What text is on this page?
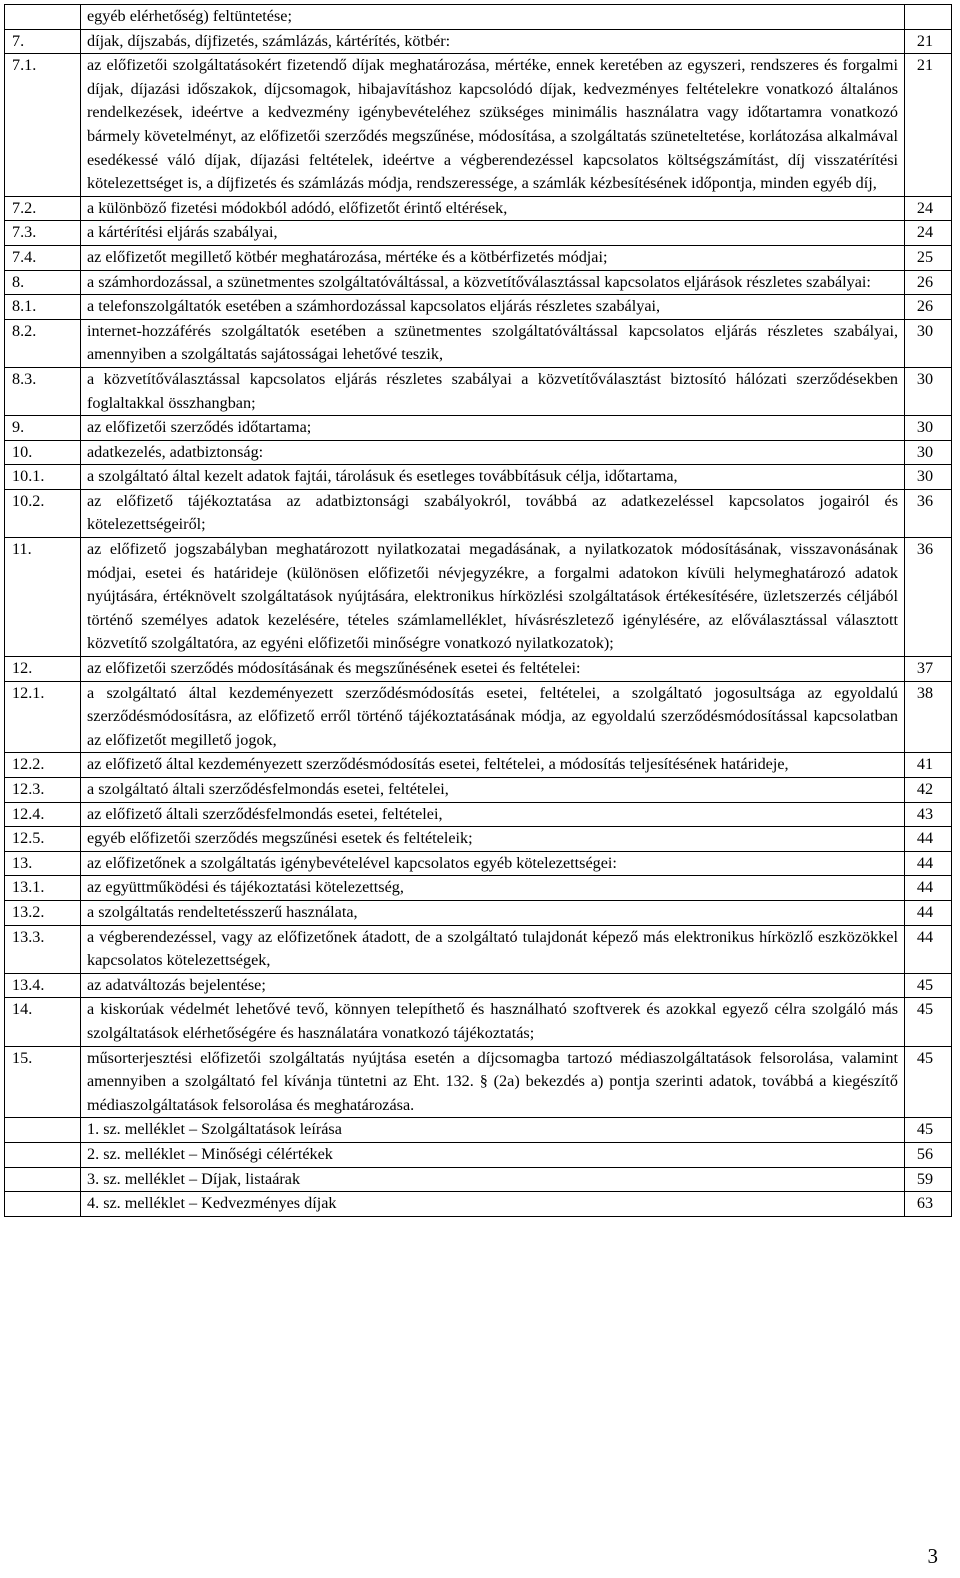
	egyéb elérhetőség) feltüntetése;	
7.	díjak, díjszabás, díjfizetés, számlázás, kártérítés, kötbér:	21
7.1.	az előfizetői szolgáltatásokért fizetendő díjak meghatározása, mértéke, ennek keretében az egyszeri, rendszeres és forgalmi díjak, díjazási időszakok, díjcsomagok, hibajavításhoz kapcsolódó díjak, kedvezményes feltételekre vonatkozó általános rendelkezések, ideértve a kedvezmény igénybevételéhez szükséges minimális használatra vagy időtartamra vonatkozó bármely követelményt, az előfizetői szerződés megszűnése, módosítása, a szolgáltatás szüneteltetése, korlátozása alkalmával esedékessé váló díjak, díjazási feltételek, ideértve a végberendezéssel kapcsolatos költségszámítást, díj visszatérítési kötelezettséget is, a díjfizetés és számlázás módja, rendszeressége, a számlák kézbesítésének időpontja, minden egyéb díj,	21
7.2.	a különböző fizetési módokból adódó, előfizetőt érintő eltérések,	24
7.3.	a kártérítési eljárás szabályai,	24
7.4.	az előfizetőt megillető kötbér meghatározása, mértéke és a kötbérfizetés módjai;	25
8.	a számhordozással, a szünetmentes szolgáltatóváltással, a közvetítőválasztással kapcsolatos eljárások részletes szabályai:	26
8.1.	a telefonszolgáltatók esetében a számhordozással kapcsolatos eljárás részletes szabályai,	26
8.2.	internet-hozzáférés szolgáltatók esetében a szünetmentes szolgáltatóváltással kapcsolatos eljárás részletes szabályai, amennyiben a szolgáltatás sajátosságai lehetővé teszik,	30
8.3.	a közvetítőválasztással kapcsolatos eljárás részletes szabályai a közvetítőválasztást biztosító hálózati szerződésekben foglaltakkal összhangban;	30
9.	az előfizetői szerződés időtartama;	30
10.	adatkezelés, adatbiztonság:	30
10.1.	a szolgáltató által kezelt adatok fajtái, tárolásuk és esetleges továbbításuk célja, időtartama,	30
10.2.	az előfizető tájékoztatása az adatbiztonsági szabályokról, továbbá az adatkezeléssel kapcsolatos jogairól és kötelezettségeiről;	36
11.	az előfizető jogszabályban meghatározott nyilatkozatai megadásának, a nyilatkozatok módosításának, visszavonásának módjai, esetei és határideje (különösen előfizetői névjegyzékre, a forgalmi adatokon kívüli helymeghatározó adatok nyújtására, értéknövelt szolgáltatások nyújtására, elektronikus hírközlési szolgáltatások értékesítésére, üzletszerzés céljából történő személyes adatok kezelésére, tételes számlamelléklet, hívásrészletező igénylésére, az előválasztással választott közvetítő szolgáltatóra, az egyéni előfizetői minőségre vonatkozó nyilatkozatok);	36
12.	az előfizetői szerződés módosításának és megszűnésének esetei és feltételei:	37
12.1.	a szolgáltató által kezdeményezett szerződésmódosítás esetei, feltételei, a szolgáltató jogosultsága az egyoldalú szerződésmódosításra, az előfizető erről történő tájékoztatásának módja, az egyoldalú szerződésmódosítással kapcsolatban az előfizetőt megillető jogok,	38
12.2.	az előfizető által kezdeményezett szerződésmódosítás esetei, feltételei, a módosítás teljesítésének határideje,	41
12.3.	a szolgáltató általi szerződésfelmondás esetei, feltételei,	42
12.4.	az előfizető általi szerződésfelmondás esetei, feltételei,	43
12.5.	egyéb előfizetői szerződés megszűnési esetek és feltételeik;	44
13.	az előfizetőnek a szolgáltatás igénybevételével kapcsolatos egyéb kötelezettségei:	44
13.1.	az együttműködési és tájékoztatási kötelezettség,	44
13.2.	a szolgáltatás rendeltetésszerű használata,	44
13.3.	a végberendezéssel, vagy az előfizetőnek átadott, de a szolgáltató tulajdonát képező más elektronikus hírközlő eszközökkel kapcsolatos kötelezettségek,	44
13.4.	az adatváltozás bejelentése;	45
14.	a kiskorúak védelmét lehetővé tevő, könnyen telepíthető és használható szoftverek és azokkal egyező célra szolgáló más szolgáltatások elérhetőségére és használatára vonatkozó tájékoztatás;	45
15.	műsorterjesztési előfizetői szolgáltatás nyújtása esetén a díjcsomagba tartozó médiaszolgáltatások felsorolása, valamint amennyiben a szolgáltató fel kívánja tüntetni az Eht. 132. § (2a) bekezdés a) pontja szerinti adatok, továbbá a kiegészítő médiaszolgáltatások felsorolása és meghatározása.	45
	1. sz. melléklet – Szolgáltatások leírása	45
	2. sz. melléklet – Minőségi célértékek	56
	3. sz. melléklet – Díjak, listaárak	59
	4. sz. melléklet – Kedvezményes díjak	63
3
